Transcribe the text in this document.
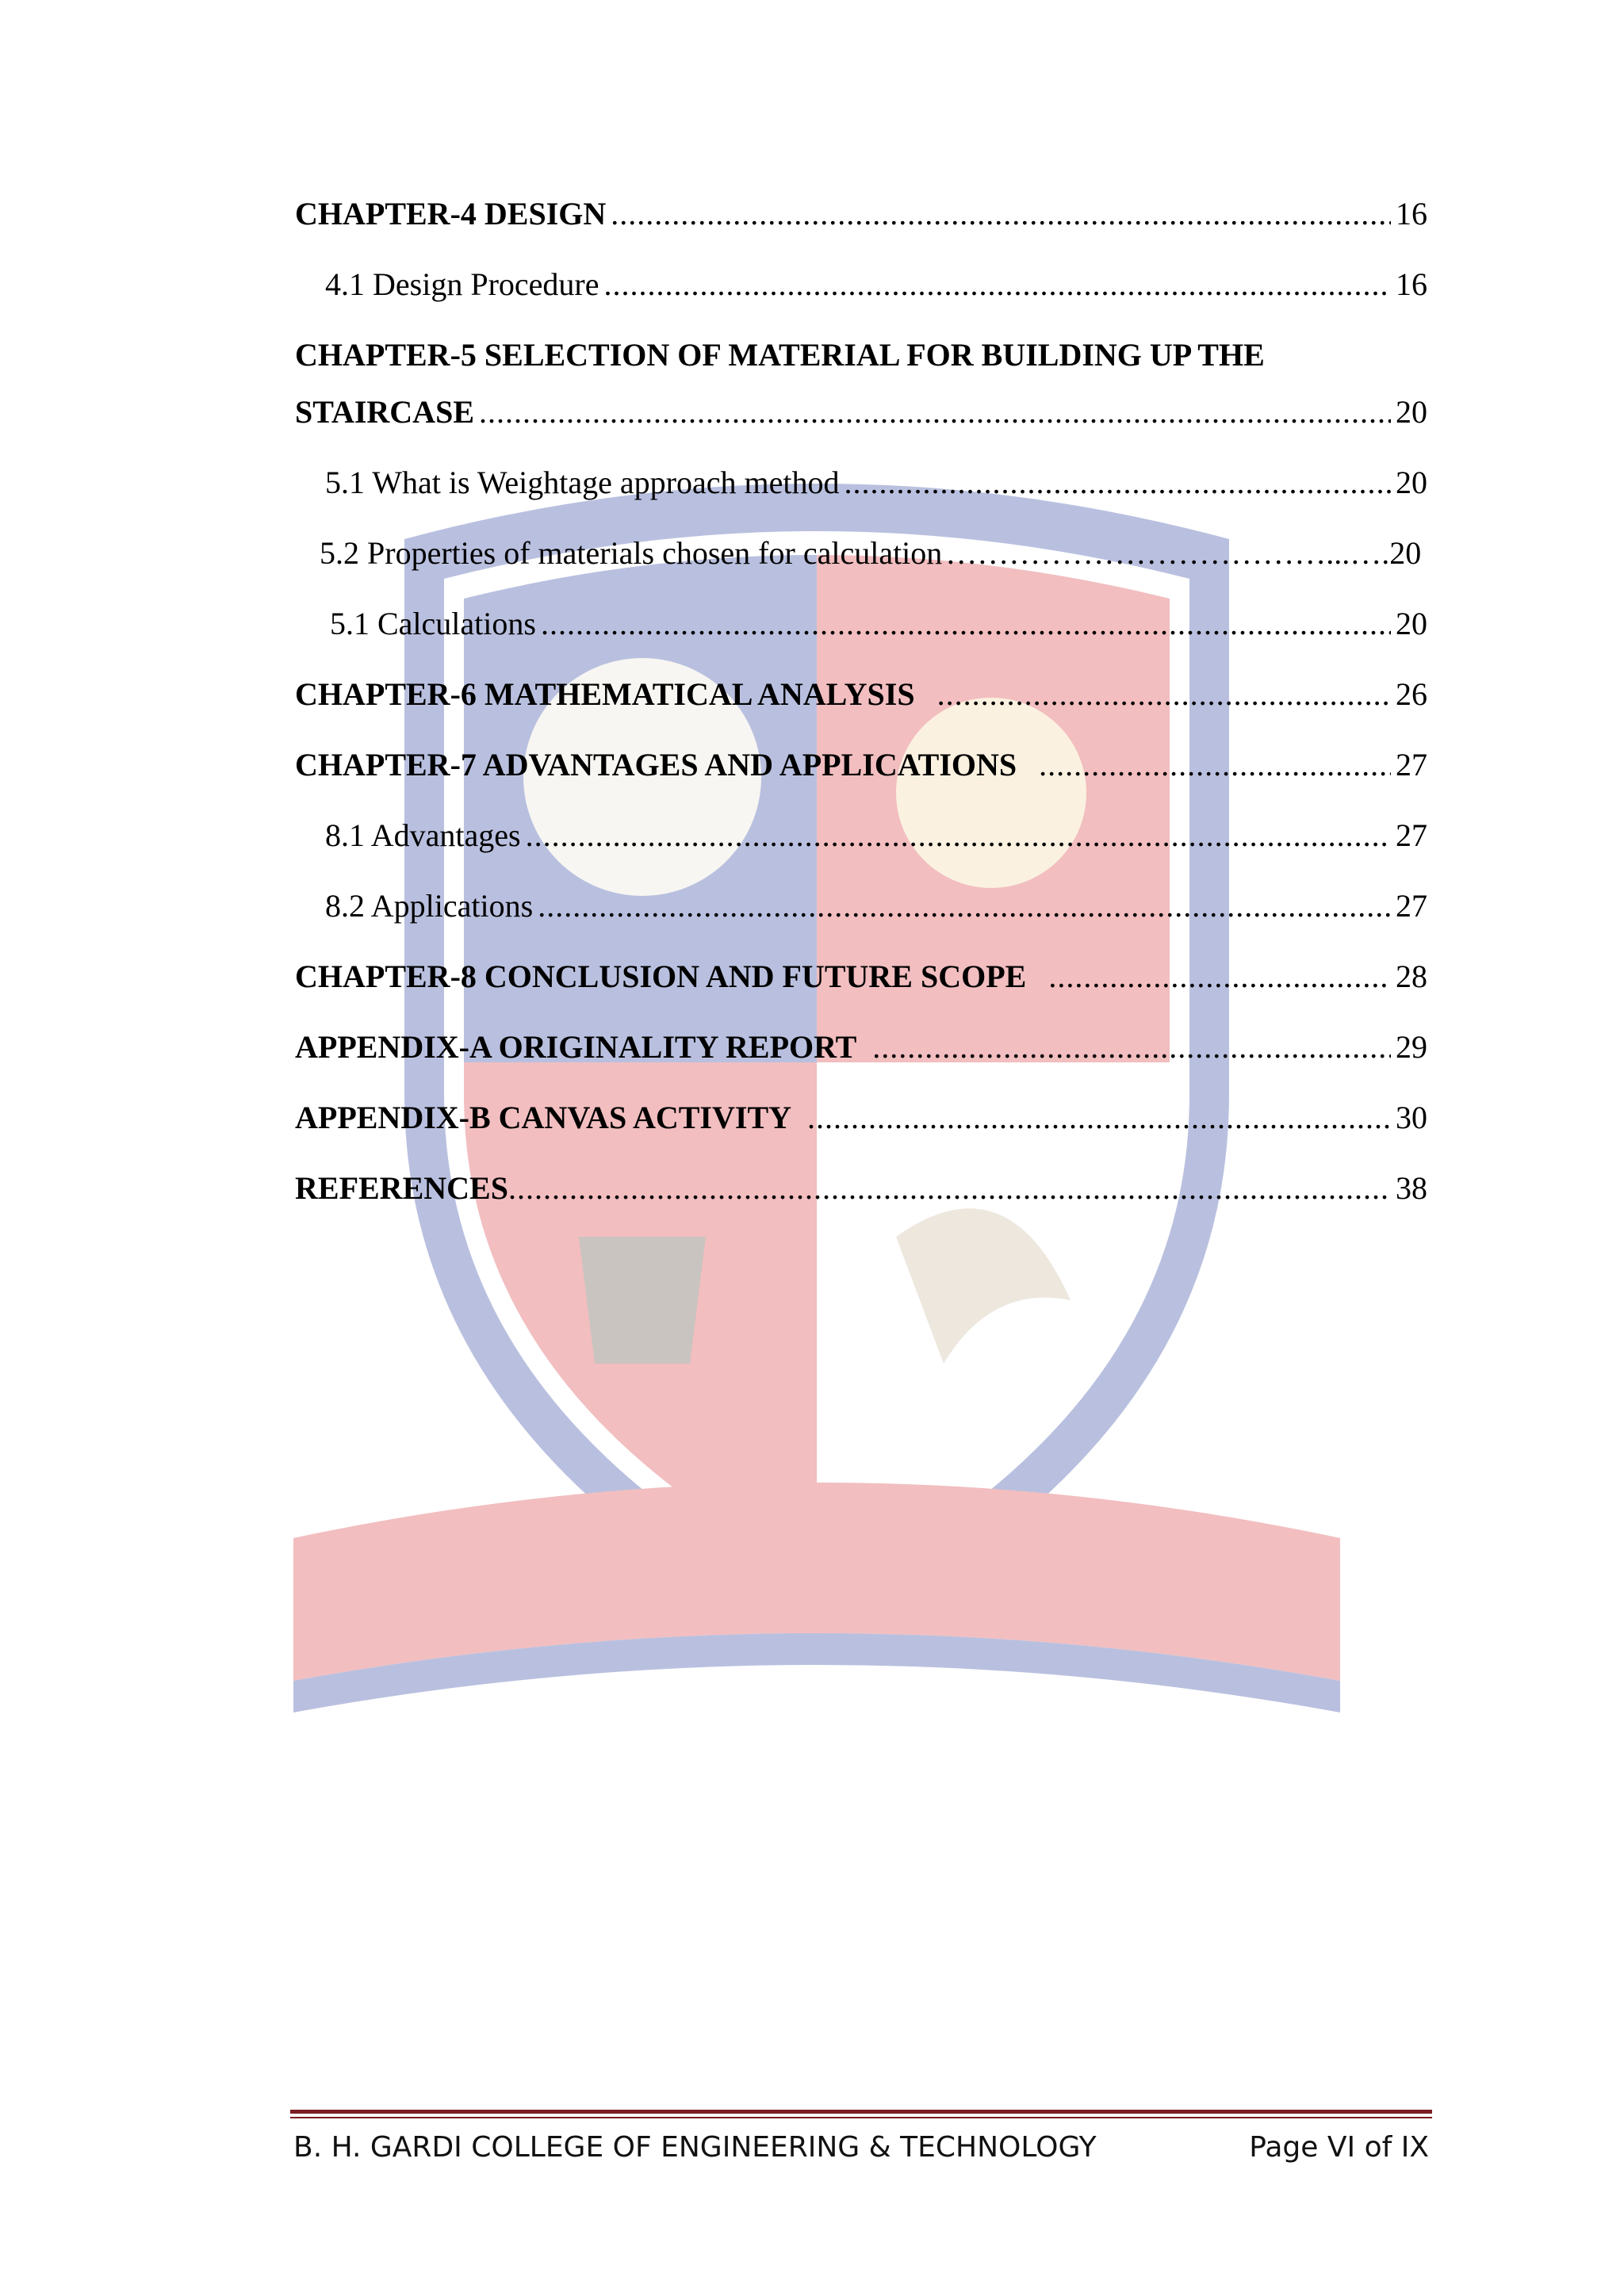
CHAPTER-4 DESIGN .....	16
4.1 Design Procedure .....	16
CHAPTER-5 SELECTION OF MATERIAL FOR BUILDING UP THE
STAIRCASE .....	20
5.1 What is Weightage approach method .....	20
5.2 Properties of materials chosen for calculation ………………………………...…. 20
5.1 Calculations .....	20
CHAPTER-6 MATHEMATICAL ANALYSIS .....	26
CHAPTER-7 ADVANTAGES AND APPLICATIONS .....	27
8.1 Advantages .....	27
8.2 Applications .....	27
CHAPTER-8 CONCLUSION AND FUTURE SCOPE .....	28
APPENDIX-A ORIGINALITY REPORT .....	29
APPENDIX-B CANVAS ACTIVITY .....	30
REFERENCES .....	38
B. H. GARDI COLLEGE OF ENGINEERING & TECHNOLOGY	Page VI of IX
